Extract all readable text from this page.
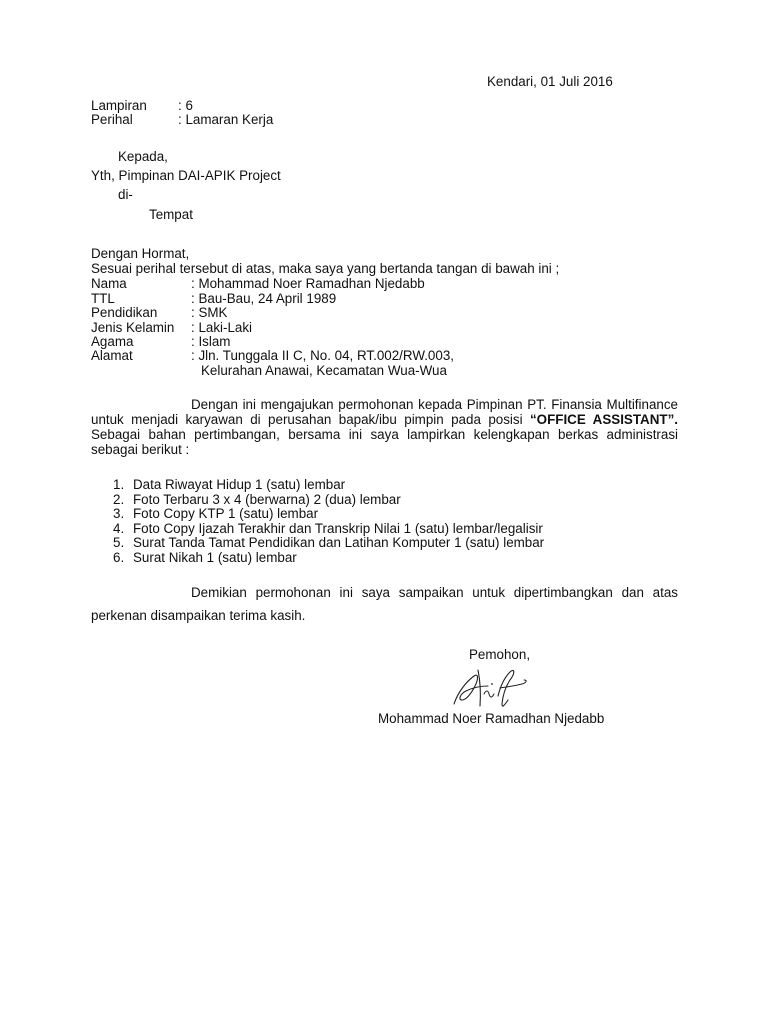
Kendari, 01 Juli 2016
Lampiran : 6
Perihal	: Lamaran Kerja
Kepada,
Yth, Pimpinan DAI-APIK Project
di-
Tempat
Dengan Hormat,
Sesuai perihal tersebut di atas, maka saya yang bertanda tangan di bawah ini ;
Nama	: Mohammad Noer Ramadhan Njedabb
TTL	: Bau-Bau, 24 April 1989
Pendidikan	: SMK
Jenis Kelamin : Laki-Laki
Agama	: Islam
Alamat	: Jln. Tunggala II C, No. 04, RT.002/RW.003,
Kelurahan Anawai, Kecamatan Wua-Wua

Dengan ini mengajukan permohonan kepada Pimpinan PT. Finansia Multifinance untuk menjadi karyawan di perusahan bapak/ibu pimpin pada posisi “OFFICE ASSISTANT”. Sebagai bahan pertimbangan, bersama ini saya lampirkan kelengkapan berkas administrasi sebagai berikut :

1. Data Riwayat Hidup 1 (satu) lembar
2. Foto Terbaru 3 x 4 (berwarna) 2 (dua) lembar
3. Foto Copy KTP 1 (satu) lembar
4. Foto Copy Ijazah Terakhir dan Transkrip Nilai 1 (satu) lembar/legalisir
5. Surat Tanda Tamat Pendidikan dan Latihan Komputer 1 (satu) lembar
6. Surat Nikah 1 (satu) lembar

Demikian permohonan ini saya sampaikan untuk dipertimbangkan dan atas perkenan disampaikan terima kasih.

Pemohon,
Mohammad Noer Ramadhan Njedabb
